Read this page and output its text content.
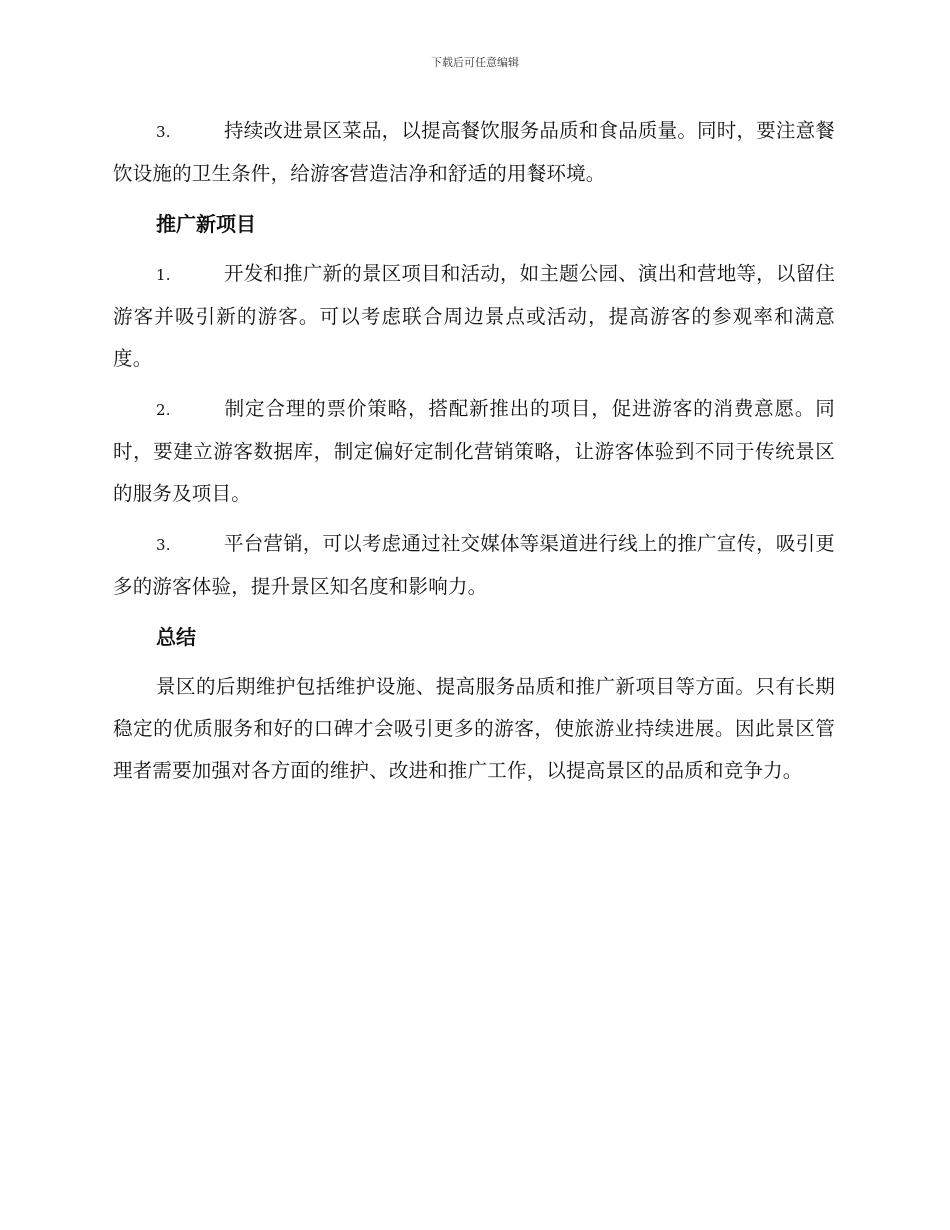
下载后可任意编辑

3.	持续改进景区菜品，以提高餐饮服务品质和食品质量。同时，要注意餐饮设施的卫生条件，给游客营造洁净和舒适的用餐环境。

推广新项目

1.	开发和推广新的景区项目和活动，如主题公园、演出和营地等，以留住游客并吸引新的游客。可以考虑联合周边景点或活动，提高游客的参观率和满意度。

2.	制定合理的票价策略，搭配新推出的项目，促进游客的消费意愿。同时，要建立游客数据库，制定偏好定制化营销策略，让游客体验到不同于传统景区的服务及项目。

3.	平台营销，可以考虑通过社交媒体等渠道进行线上的推广宣传，吸引更多的游客体验，提升景区知名度和影响力。

总结

景区的后期维护包括维护设施、提高服务品质和推广新项目等方面。只有长期稳定的优质服务和好的口碑才会吸引更多的游客，使旅游业持续进展。因此景区管理者需要加强对各方面的维护、改进和推广工作，以提高景区的品质和竞争力。
